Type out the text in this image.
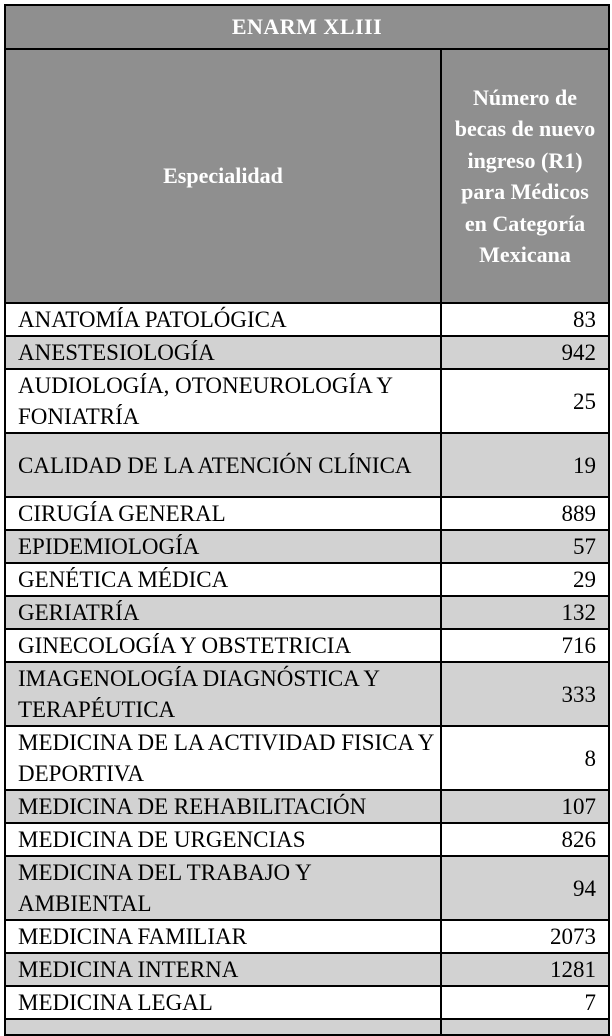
ENARM XLIII	
Especialidad	Número de becas de nuevo ingreso (R1) para Médicos en Categoría Mexicana
ANATOMÍA PATOLÓGICA	83
ANESTESIOLOGÍA	942
AUDIOLOGÍA, OTONEUROLOGÍA Y FONIATRÍA	25
CALIDAD DE LA ATENCIÓN CLÍNICA	19
CIRUGÍA GENERAL	889
EPIDEMIOLOGÍA	57
GENÉTICA MÉDICA	29
GERIATRÍA	132
GINECOLOGÍA Y OBSTETRICIA	716
IMAGENOLOGÍA DIAGNÓSTICA Y TERAPÉUTICA	333
MEDICINA DE LA ACTIVIDAD FISICA Y DEPORTIVA	8
MEDICINA DE REHABILITACIÓN	107
MEDICINA DE URGENCIAS	826
MEDICINA DEL TRABAJO Y AMBIENTAL	94
MEDICINA FAMILIAR	2073
MEDICINA INTERNA	1281
MEDICINA LEGAL	7
